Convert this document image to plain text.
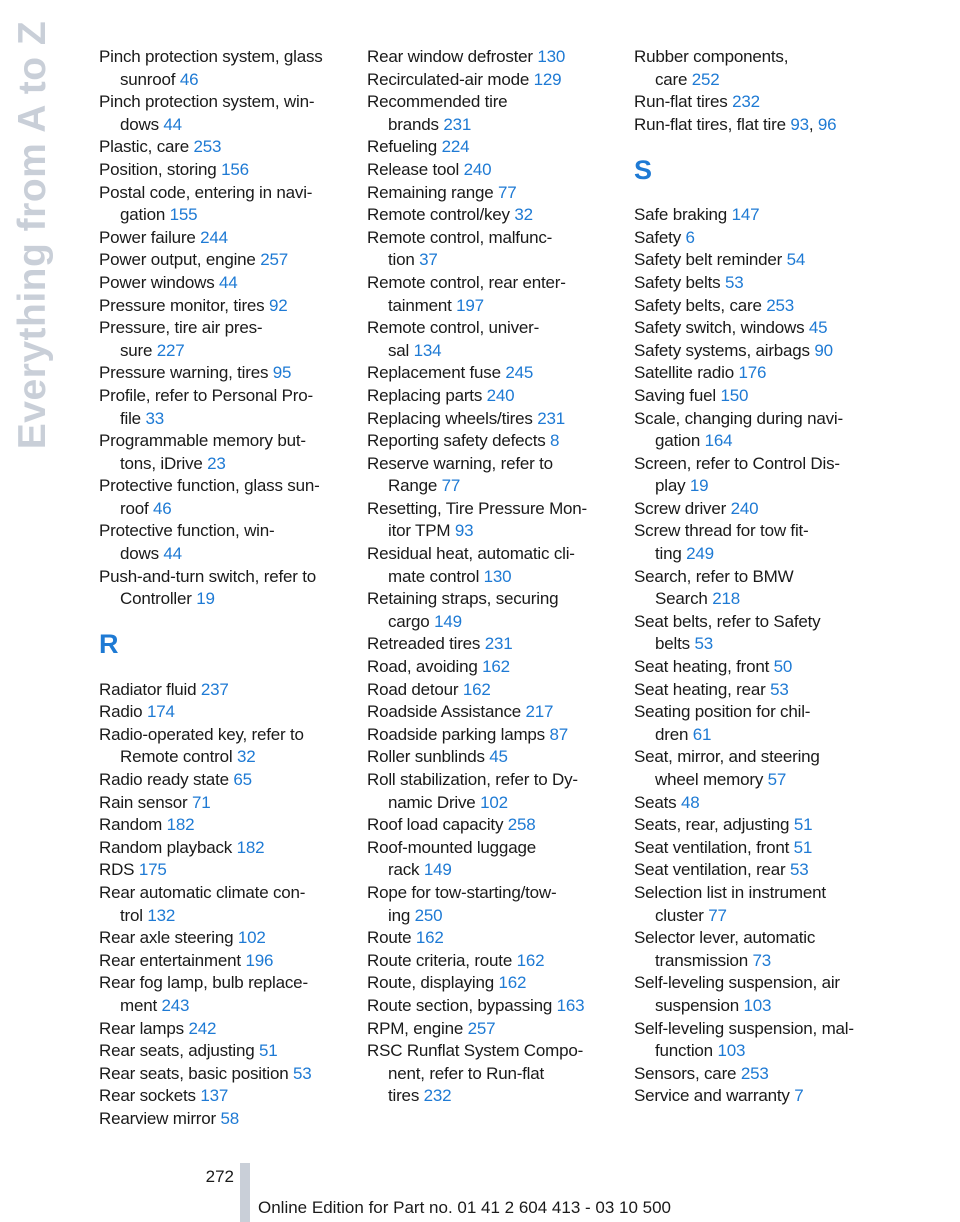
Everything from A to Z	Pinch protection system, glass
sunroof 46
Pinch protection system, win-
dows 44
Plastic, care 253
Position, storing 156
Postal code, entering in navi-
gation 155
Power failure 244
Power output, engine 257
Power windows 44
Pressure monitor, tires 92
Pressure, tire air pres-
sure 227
Pressure warning, tires 95
Profile, refer to Personal Pro-
file 33
Programmable memory but-
tons, iDrive 23
Protective function, glass sun-
roof 46
Protective function, win-
dows 44
Push-and-turn switch, refer to
Controller 19
R
Radiator fluid 237
Radio 174
Radio-operated key, refer to
Remote control 32
Radio ready state 65
Rain sensor 71
Random 182
Random playback 182
RDS 175
Rear automatic climate con-
trol 132
Rear axle steering 102
Rear entertainment 196
Rear fog lamp, bulb replace-
ment 243
Rear lamps 242
Rear seats, adjusting 51
Rear seats, basic position 53
Rear sockets 137
Rearview mirror 58
Rear window defroster 130
Recirculated-air mode 129
Recommended tire
brands 231
Refueling 224
Release tool 240
Remaining range 77
Remote control/key 32
Remote control, malfunc-
tion 37
Remote control, rear enter-
tainment 197
Remote control, univer-
sal 134
Replacement fuse 245
Replacing parts 240
Replacing wheels/tires 231
Reporting safety defects 8
Reserve warning, refer to
Range 77
Resetting, Tire Pressure Mon-
itor TPM 93
Residual heat, automatic cli-
mate control 130
Retaining straps, securing
cargo 149
Retreaded tires 231
Road, avoiding 162
Road detour 162
Roadside Assistance 217
Roadside parking lamps 87
Roller sunblinds 45
Roll stabilization, refer to Dy-
namic Drive 102
Roof load capacity 258
Roof-mounted luggage
rack 149
Rope for tow-starting/tow-
ing 250
Route 162
Route criteria, route 162
Route, displaying 162
Route section, bypassing 163
RPM, engine 257
RSC Runflat System Compo-
nent, refer to Run-flat
tires 232
Rubber components,
care 252
Run-flat tires 232
Run-flat tires, flat tire 93, 96
S
Safe braking 147
Safety 6
Safety belt reminder 54
Safety belts 53
Safety belts, care 253
Safety switch, windows 45
Safety systems, airbags 90
Satellite radio 176
Saving fuel 150
Scale, changing during navi-
gation 164
Screen, refer to Control Dis-
play 19
Screw driver 240
Screw thread for tow fit-
ting 249
Search, refer to BMW
Search 218
Seat belts, refer to Safety
belts 53
Seat heating, front 50
Seat heating, rear 53
Seating position for chil-
dren 61
Seat, mirror, and steering
wheel memory 57
Seats 48
Seats, rear, adjusting 51
Seat ventilation, front 51
Seat ventilation, rear 53
Selection list in instrument
cluster 77
Selector lever, automatic
transmission 73
Self-leveling suspension, air
suspension 103
Self-leveling suspension, mal-
function 103
Sensors, care 253
Service and warranty 7
272
Online Edition for Part no. 01 41 2 604 413 - 03 10 500
